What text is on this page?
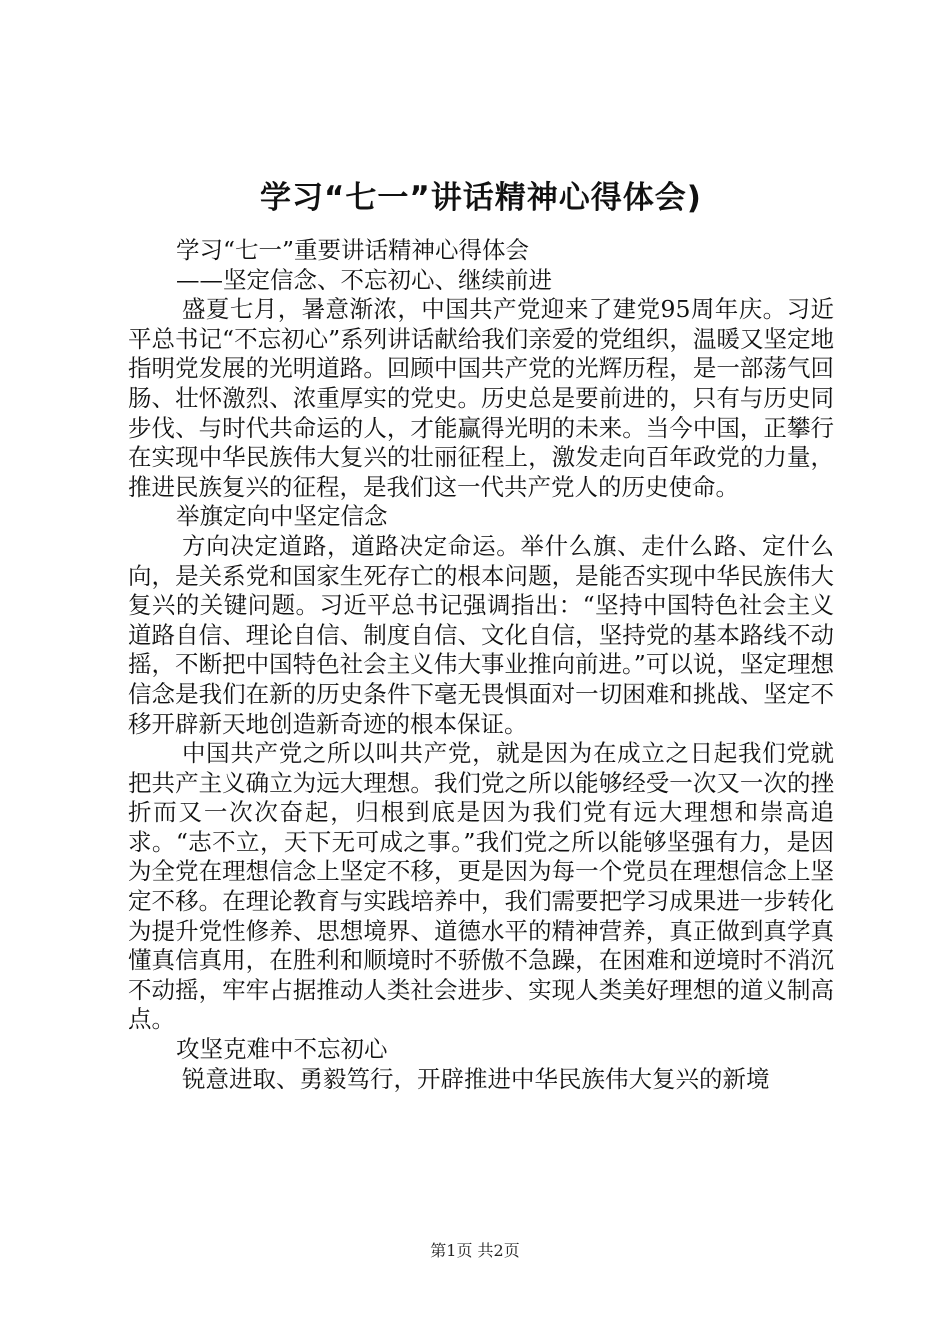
学习“七一”讲话精神心得体会)

学习“七一”重要讲话精神心得体会

——坚定信念、不忘初心、继续前进

盛夏七月，暑意渐浓，中国共产党迎来了建党95周年庆。习近平总书记“不忘初心”系列讲话献给我们亲爱的党组织，温暖又坚定地指明党发展的光明道路。回顾中国共产党的光辉历程，是一部荡气回肠、壮怀激烈、浓重厚实的党史。历史总是要前进的，只有与历史同步伐、与时代共命运的人，才能赢得光明的未来。当今中国，正攀行在实现中华民族伟大复兴的壮丽征程上，激发走向百年政党的力量，推进民族复兴的征程，是我们这一代共产党人的历史使命。

举旗定向中坚定信念

方向决定道路，道路决定命运。举什么旗、走什么路、定什么向，是关系党和国家生死存亡的根本问题，是能否实现中华民族伟大复兴的关键问题。习近平总书记强调指出：“坚持中国特色社会主义道路自信、理论自信、制度自信、文化自信，坚持党的基本路线不动摇，不断把中国特色社会主义伟大事业推向前进。”可以说，坚定理想信念是我们在新的历史条件下毫无畏惧面对一切困难和挑战、坚定不移开辟新天地创造新奇迹的根本保证。

中国共产党之所以叫共产党，就是因为在成立之日起我们党就把共产主义确立为远大理想。我们党之所以能够经受一次又一次的挫折而又一次次奋起，归根到底是因为我们党有远大理想和崇高追求。“志不立，天下无可成之事。”我们党之所以能够坚强有力，是因为全党在理想信念上坚定不移，更是因为每一个党员在理想信念上坚定不移。在理论教育与实践培养中，我们需要把学习成果进一步转化为提升党性修养、思想境界、道德水平的精神营养，真正做到真学真懂真信真用，在胜利和顺境时不骄傲不急躁，在困难和逆境时不消沉不动摇，牢牢占据推动人类社会进步、实现人类美好理想的道义制高点。

攻坚克难中不忘初心

锐意进取、勇毅笃行，开辟推进中华民族伟大复兴的新境

第1页 共2页
